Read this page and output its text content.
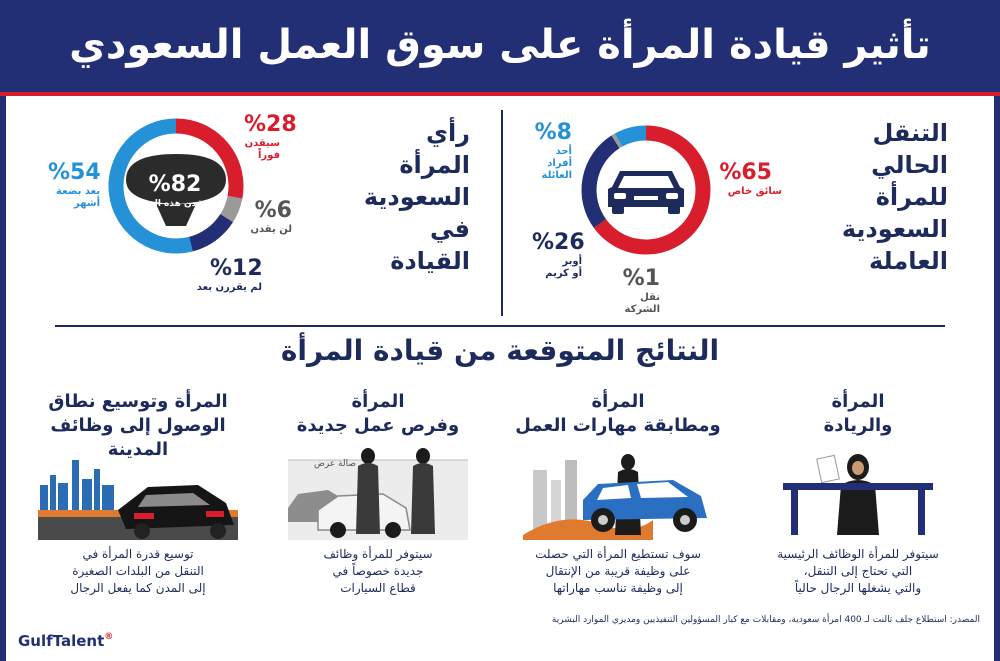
تأثير قيادة المرأة على سوق العمل السعودي
التنقل الحالي
للمرأة
السعودية
العاملة
%65
سائق خاص
%8
أحد
أفراد
العائلة
%26
أوبر
أو كريم %1
نقل
الشركة
رأي
المرأة
السعودية
في القيادة
%82
سيقدن هذه السنة
%28
سيقدن
فوراً
%6
لن يقدن
%12
لم يقررن بعد
%54
بعد بضعة
أشهر
النتائج المتوقعة من قيادة المرأة
المرأة
والريادة
سيتوفر للمرأة الوظائف الرئيسية
التي تحتاج إلى التنقل،
والتي يشغلها الرجال حالياً
المرأة
ومطابقة مهارات العمل
سوف تستطيع المرأة التي حصلت
على وظيفة قريبة من الإنتقال
إلى وظيفة تناسب مهاراتها
المرأة
وفرص عمل جديدة
صالة عرض
سيتوفر للمرأة وظائف
جديدة خصوصاً في
قطاع السيارات
المرأة وتوسيع نطاق
الوصول إلى وظائف المدينة
توسيع قدرة المرأة في
التنقل من البلدات الصغيرة
إلى المدن كما يفعل الرجال
المصدر: استطلاع جلف تالنت لـ 400 امرأة سعودية، ومقابلات مع كبار المسؤولين التنفيذيين ومديري الموارد البشرية
GulfTalent®
